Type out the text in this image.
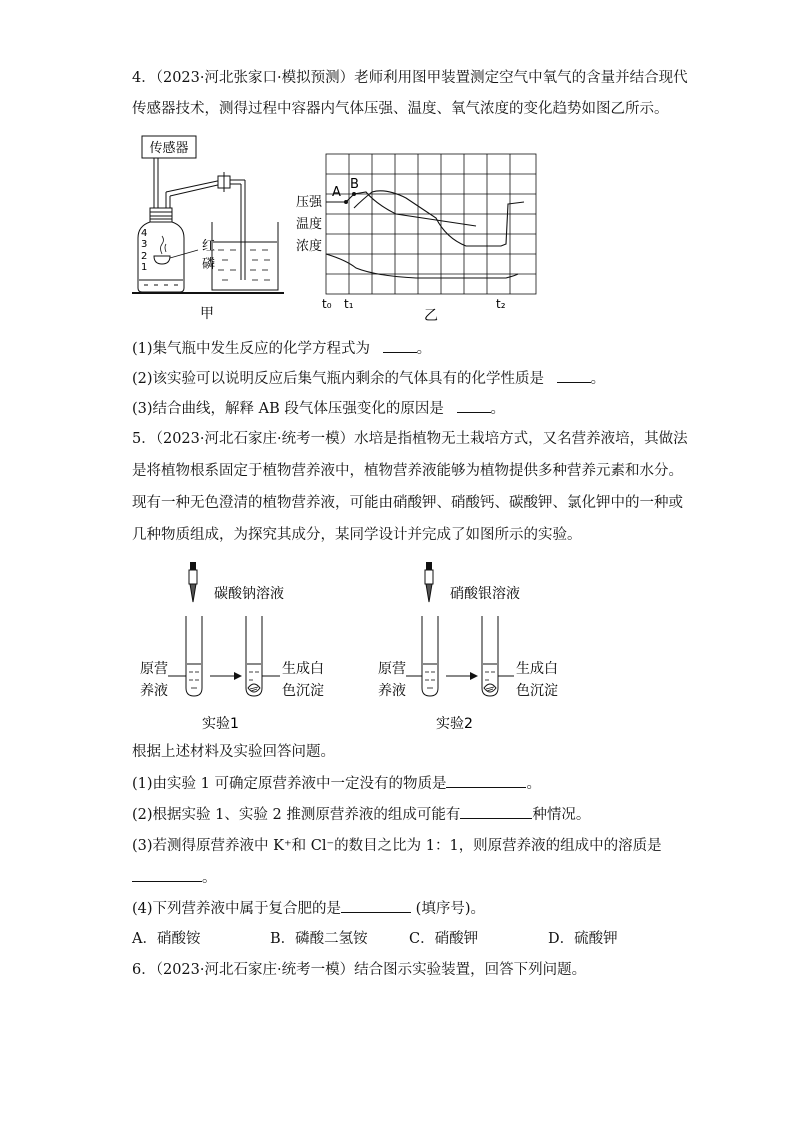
4．（2023·河北张家口·模拟预测）老师利用图甲装置测定空气中氧气的含量并结合现代
传感器技术，测得过程中容器内气体压强、温度、氧气浓度的变化趋势如图乙所示。
传感器
4
3
2
1
红
磷
甲
A
B
压强
温度
浓度
t₀ t₁	t₂
乙
(1)集气瓶中发生反应的化学方程式为	。
(2)该实验可以说明反应后集气瓶内剩余的气体具有的化学性质是	。
(3)结合曲线，解释 AB 段气体压强变化的原因是	。
5．（2023·河北石家庄·统考一模）水培是指植物无土栽培方式，又名营养液培，其做法
是将植物根系固定于植物营养液中，植物营养液能够为植物提供多种营养元素和水分。
现有一种无色澄清的植物营养液，可能由硝酸钾、硝酸钙、碳酸钾、氯化钾中的一种或
几种物质组成，为探究其成分，某同学设计并完成了如图所示的实验。
碳酸钠溶液
原营
养液
生成白
色沉淀
实验1
硝酸银溶液
原营
养液
生成白
色沉淀
实验2
根据上述材料及实验回答问题。
(1)由实验 1 可确定原营养液中一定没有的物质是	。
(2)根据实验 1、实验 2 推测原营养液的组成可能有	种情况。
(3)若测得原营养液中 K⁺和 Cl⁻的数目之比为 1：1，则原营养液的组成中的溶质是
。
(4)下列营养液中属于复合肥的是	(填序号)。
A．硝酸铵	B．磷酸二氢铵	C．硝酸钾	D．硫酸钾
6．（2023·河北石家庄·统考一模）结合图示实验装置，回答下列问题。
